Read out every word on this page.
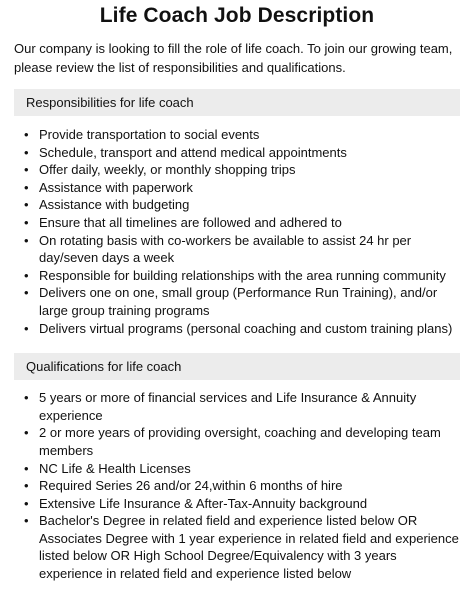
Life Coach Job Description

Our company is looking to fill the role of life coach. To join our growing team, please review the list of responsibilities and qualifications.

Responsibilities for life coach
• Provide transportation to social events
• Schedule, transport and attend medical appointments
• Offer daily, weekly, or monthly shopping trips
• Assistance with paperwork
• Assistance with budgeting
• Ensure that all timelines are followed and adhered to
• On rotating basis with co-workers be available to assist 24 hr per day/seven days a week
• Responsible for building relationships with the area running community
• Delivers one on one, small group (Performance Run Training), and/or large group training programs
• Delivers virtual programs (personal coaching and custom training plans)
Qualifications for life coach
• 5 years or more of financial services and Life Insurance & Annuity experience
• 2 or more years of providing oversight, coaching and developing team members
• NC Life & Health Licenses
• Required Series 26 and/or 24,within 6 months of hire
• Extensive Life Insurance & After-Tax-Annuity background
• Bachelor's Degree in related field and experience listed below OR Associates Degree with 1 year experience in related field and experience listed below OR High School Degree/Equivalency with 3 years experience in related field and experience listed below
